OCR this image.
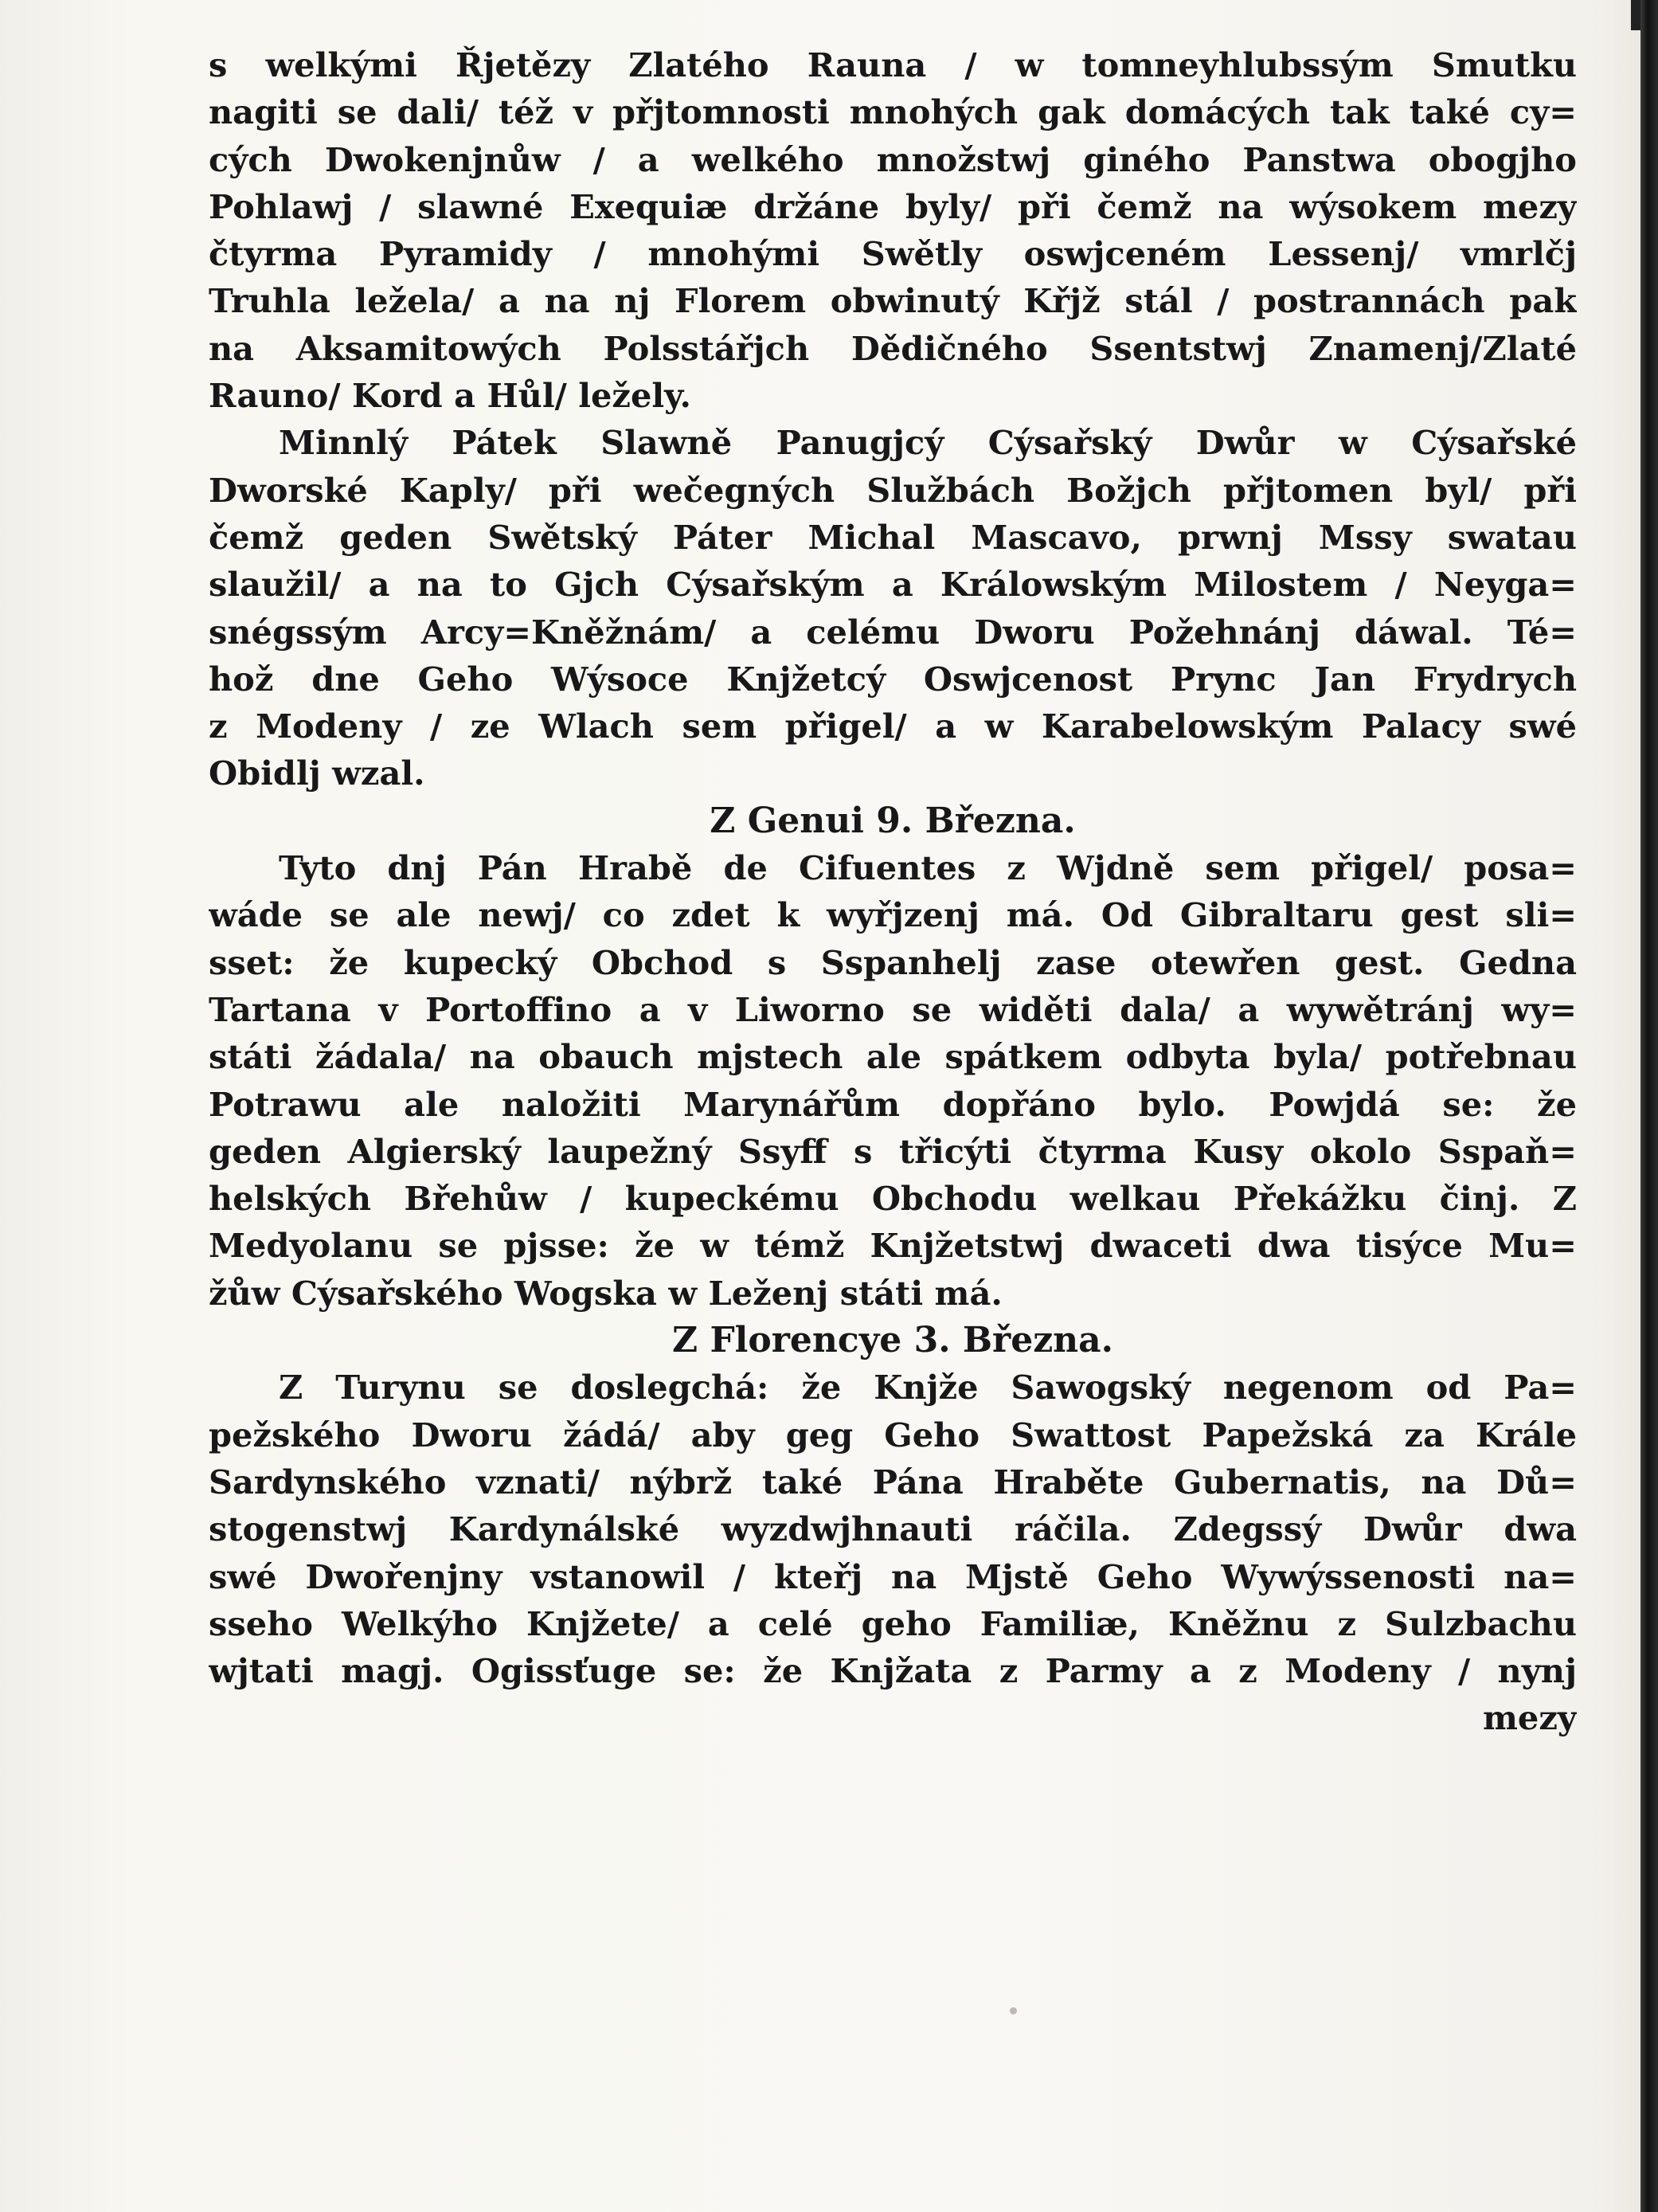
s welkými Řjetězy Zlatého Rauna / w tomneyhlubssým Smutku
nagiti se dali/ též v přjtomnosti mnohých gak domácých tak také cy=
cých Dwokenjnůw / a welkého množstwj giného Panstwa obogjho
Pohlawj / slawné Exequiæ držáne byly/ při čemž na wýsokem mezy
čtyrma Pyramidy / mnohými Swětly oswjceném Lessenj/ vmrlčj
Truhla ležela/ a na nj Florem obwinutý Křjž stál / postrannách pak
na Aksamitowých Polsstářjch Dědičného Ssentstwj Znamenj/Zlaté
Rauno/ Kord a Hůl/ ležely.
Minnlý Pátek Slawně Panugjcý Cýsařský Dwůr w Cýsařské
Dworské Kaply/ při wečegných Službách Božjch přjtomen byl/ při
čemž geden Swětský Páter Michal Mascavo, prwnj Mssy swatau
slaužil/ a na to Gjch Cýsařským a Králowským Milostem / Neyga=
snégssým Arcy=Kněžnám/ a celému Dworu Požehnánj dáwal. Té=
hož dne Geho Wýsoce Knjžetcý Oswjcenost Prync Jan Frydrych
z Modeny / ze Wlach sem přigel/ a w Karabelowským Palacy swé
Obidlj wzal.
Z Genui 9. Března.
Tyto dnj Pán Hrabě de Cifuentes z Wjdně sem přigel/ posa=
wáde se ale newj/ co zdet k wyřjzenj má. Od Gibraltaru gest sli=
sset: že kupecký Obchod s Sspanhelj zase otewřen gest. Gedna
Tartana v Portoffino a v Liworno se widěti dala/ a wywětránj wy=
státi žádala/ na obauch mjstech ale spátkem odbyta byla/ potřebnau
Potrawu ale naložiti Marynářům dopřáno bylo. Powjdá se: že
geden Algierský laupežný Ssyff s třicýti čtyrma Kusy okolo Sspaň=
helských Břehůw / kupeckému Obchodu welkau Překážku činj. Z
Medyolanu se pjsse: že w témž Knjžetstwj dwaceti dwa tisýce Mu=
žůw Cýsařského Wogska w Leženj státi má.
Z Florencye 3. Března.
Z Turynu se doslegchá: že Knjže Sawogský negenom od Pa=
pežského Dworu žádá/ aby geg Geho Swattost Papežská za Krále
Sardynského vznati/ nýbrž také Pána Hraběte Gubernatis, na Dů=
stogenstwj Kardynálské wyzdwjhnauti ráčila. Zdegssý Dwůr dwa
swé Dwořenjny vstanowil / kteřj na Mjstě Geho Wywýssenosti na=
sseho Welkýho Knjžete/ a celé geho Familiæ, Kněžnu z Sulzbachu
wjtati magj. Ogissťuge se: že Knjžata z Parmy a z Modeny / nynj
mezy
